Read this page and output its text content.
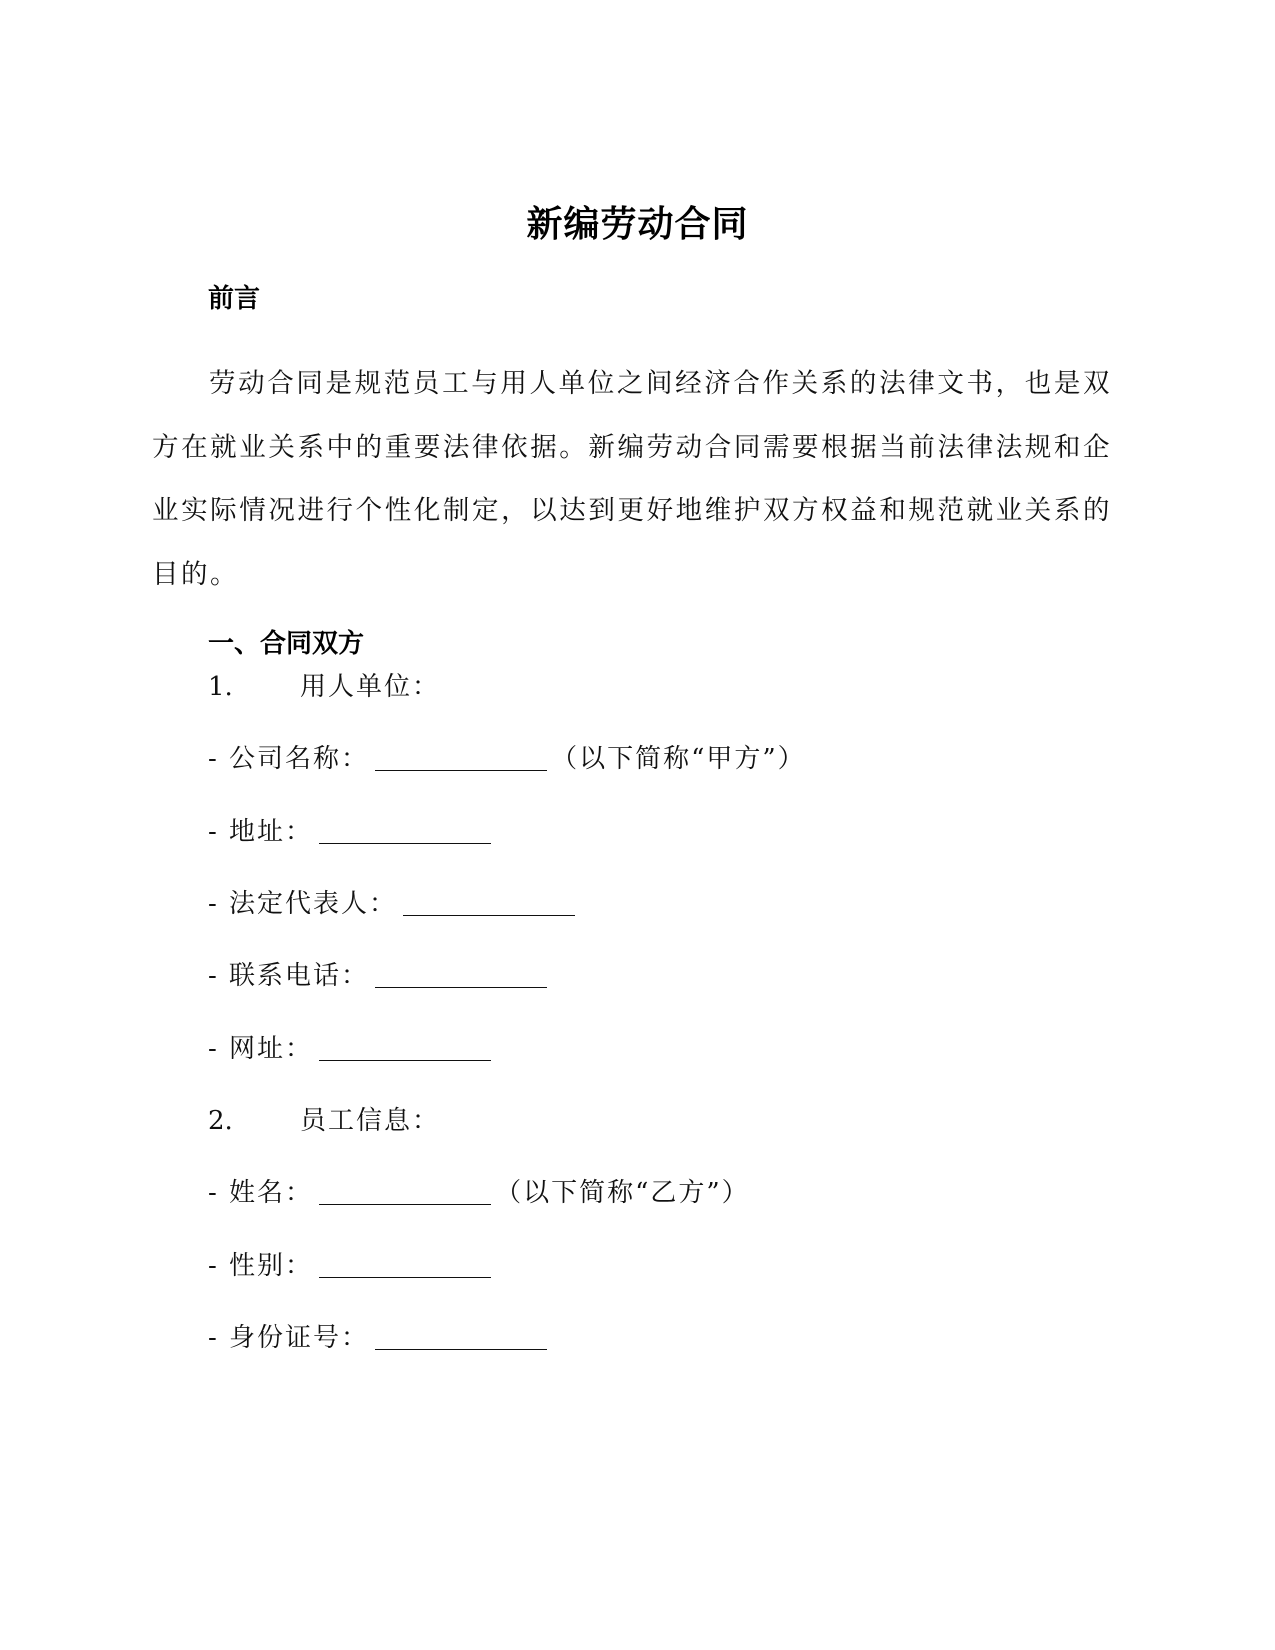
新编劳动合同
前言

劳动合同是规范员工与用人单位之间经济合作关系的法律文书，也是双方在就业关系中的重要法律依据。新编劳动合同需要根据当前法律法规和企业实际情况进行个性化制定，以达到更好地维护双方权益和规范就业关系的目的。

一、合同双方
1.	用人单位：
- 公司名称：	（以下简称“甲方”）
- 地址：
- 法定代表人：
- 联系电话：
- 网址：
2.	员工信息：
- 姓名：	（以下简称“乙方”）
- 性别：
- 身份证号：
